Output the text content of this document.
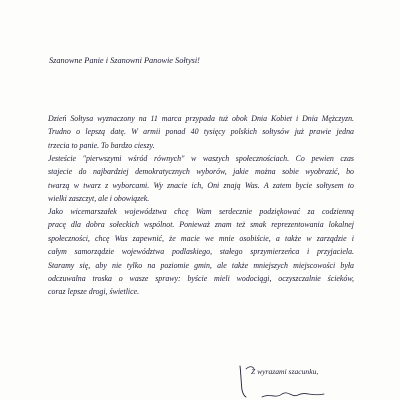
Szanowne Panie i Szanowni Panowie Sołtysi!
Dzień Sołtysa wyznaczony na 11 marca przypada tuż obok Dnia Kobiet i Dnia Mężczyzn.
Trudno o lepszą datę. W armii ponad 40 tysięcy polskich sołtysów już prawie jedna
trzecia to panie. To bardzo cieszy.
Jesteście "pierwszymi wśród równych" w waszych społecznościach. Co pewien czas
stajecie do najbardziej demokratycznych wyborów, jakie można sobie wyobrazić, bo
twarzą w twarz z wyborcami. Wy znacie ich, Oni znają Was. A zatem bycie sołtysem to
wielki zaszczyt, ale i obowiązek.
Jako wicemarszałek województwa chcę Wam serdecznie podziękować za codzienną
pracę dla dobra sołeckich wspólnot. Ponieważ znam też smak reprezentowania lokalnej
społeczności, chcę Was zapewnić, że macie we mnie osobiście, a także w zarządzie i
całym samorządzie województwa podlaskiego, stałego sprzymierzeńca i przyjaciela.
Staramy się, aby nie tylko na poziomie gmin, ale także mniejszych miejscowości była
odczuwalna troska o wasze sprawy: byście mieli wodociągi, oczyszczalnie ścieków,
coraz lepsze drogi, świetlice.
Z wyrazami szacunku,
